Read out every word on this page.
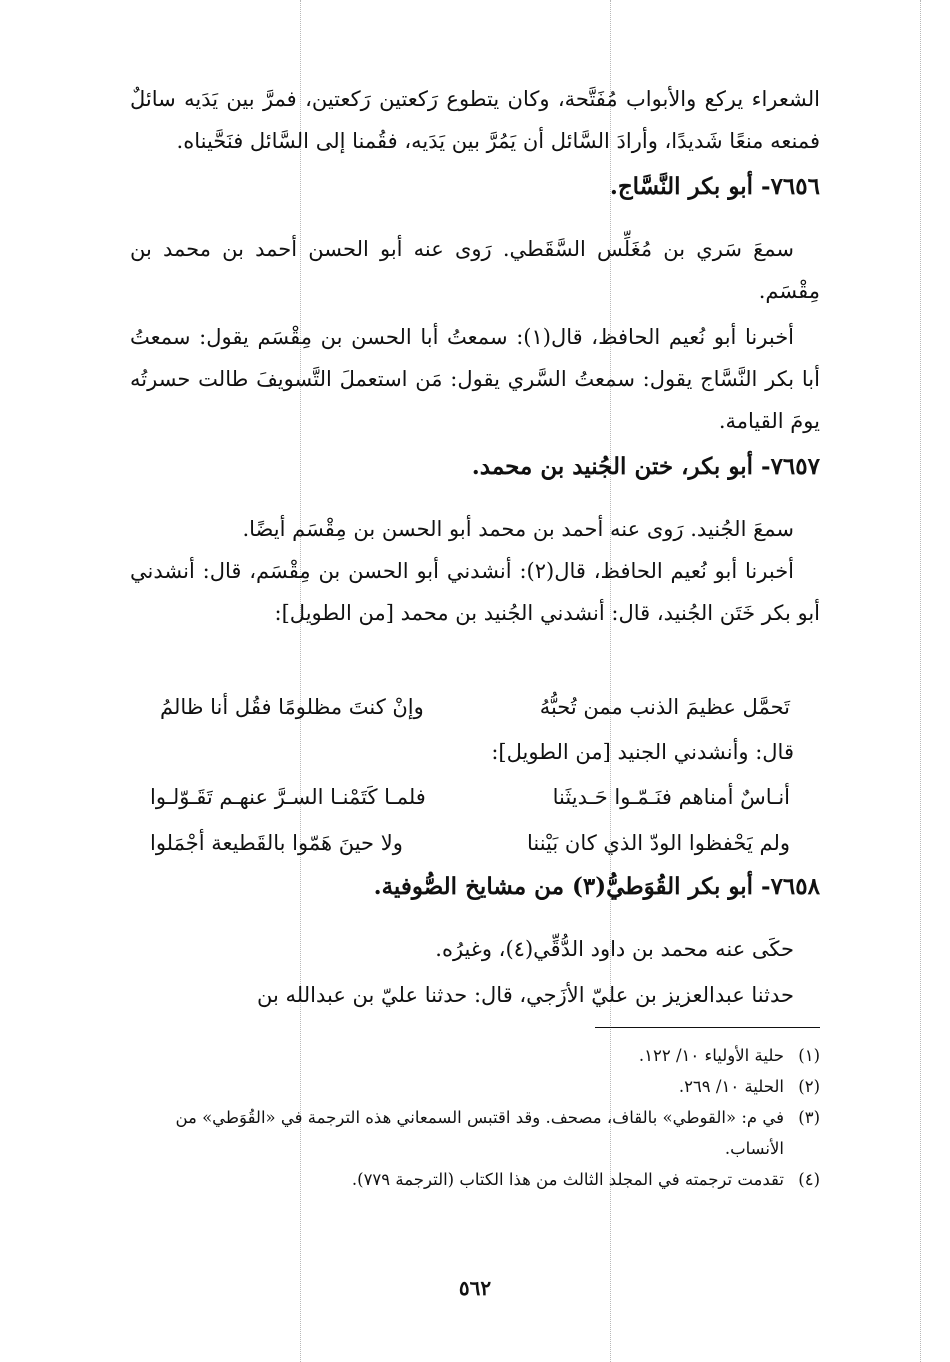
الشعراء يركع والأبواب مُفَتَّحة، وكان يتطوع رَكعتين رَكعتين، فمرَّ بين يَدَيه سائلٌ فمنعه منعًا شَديدًا، وأرادَ السَّائل أن يَمُرَّ بين يَدَيه، فقُمنا إلى السَّائل فنَحَّيناه.

٧٦٥٦- أبو بكر النَّسَّاج.

سمعَ سَري بن مُغَلِّس السَّقَطي. رَوى عنه أبو الحسن أحمد بن محمد بن مِقْسَم.

أخبرنا أبو نُعيم الحافظ، قال(١): سمعتُ أبا الحسن بن مِقْسَم يقول: سمعتُ أبا بكر النَّسَّاج يقول: سمعتُ السَّري يقول: مَن استعملَ التَّسويفَ طالت حسرتُه يومَ القيامة.

٧٦٥٧- أبو بكر، ختن الجُنيد بن محمد.

سمعَ الجُنيد. رَوى عنه أحمد بن محمد أبو الحسن بن مِقْسَم أيضًا.

أخبرنا أبو نُعيم الحافظ، قال(٢): أنشدني أبو الحسن بن مِقْسَم، قال: أنشدني أبو بكر خَتَن الجُنيد، قال: أنشدني الجُنيد بن محمد [من الطويل]:

تَحمَّل عظيمَ الذنب ممن تُحبُّهُ
وإنْ كنتَ مظلومًا فقُل أنا ظالمُ

قال: وأنشدني الجنيد [من الطويل]:

أنـاسٌ أمناهم فنَـمّـوا حَـديثَنا
فلمـا كَتَمْنـا السـرَّ عنهـم تَقَـوّلـوا
ولم يَحْفظوا الودّ الذي كان بَيْننا
ولا حينَ هَمّوا بالقَطيعة أجْمَلوا

٧٦٥٨- أبو بكر القُوَطيُّ(٣) من مشايخ الصُّوفية.

حكَى عنه محمد بن داود الدُّقِّي(٤)، وغيرُه.

حدثنا عبدالعزيز بن عليّ الأزَجي، قال: حدثنا عليّ بن عبدالله بن

(١)
حلية الأولياء ١٠/ ١٢٢.
(٢)
الحلية ١٠/ ٢٦٩.
(٣)
في م: «القوطي» بالقاف، مصحف. وقد اقتبس السمعاني هذه الترجمة في «القُوَطي» من الأنساب.
(٤)
تقدمت ترجمته في المجلد الثالث من هذا الكتاب (الترجمة ٧٧٩).
٥٦٢
